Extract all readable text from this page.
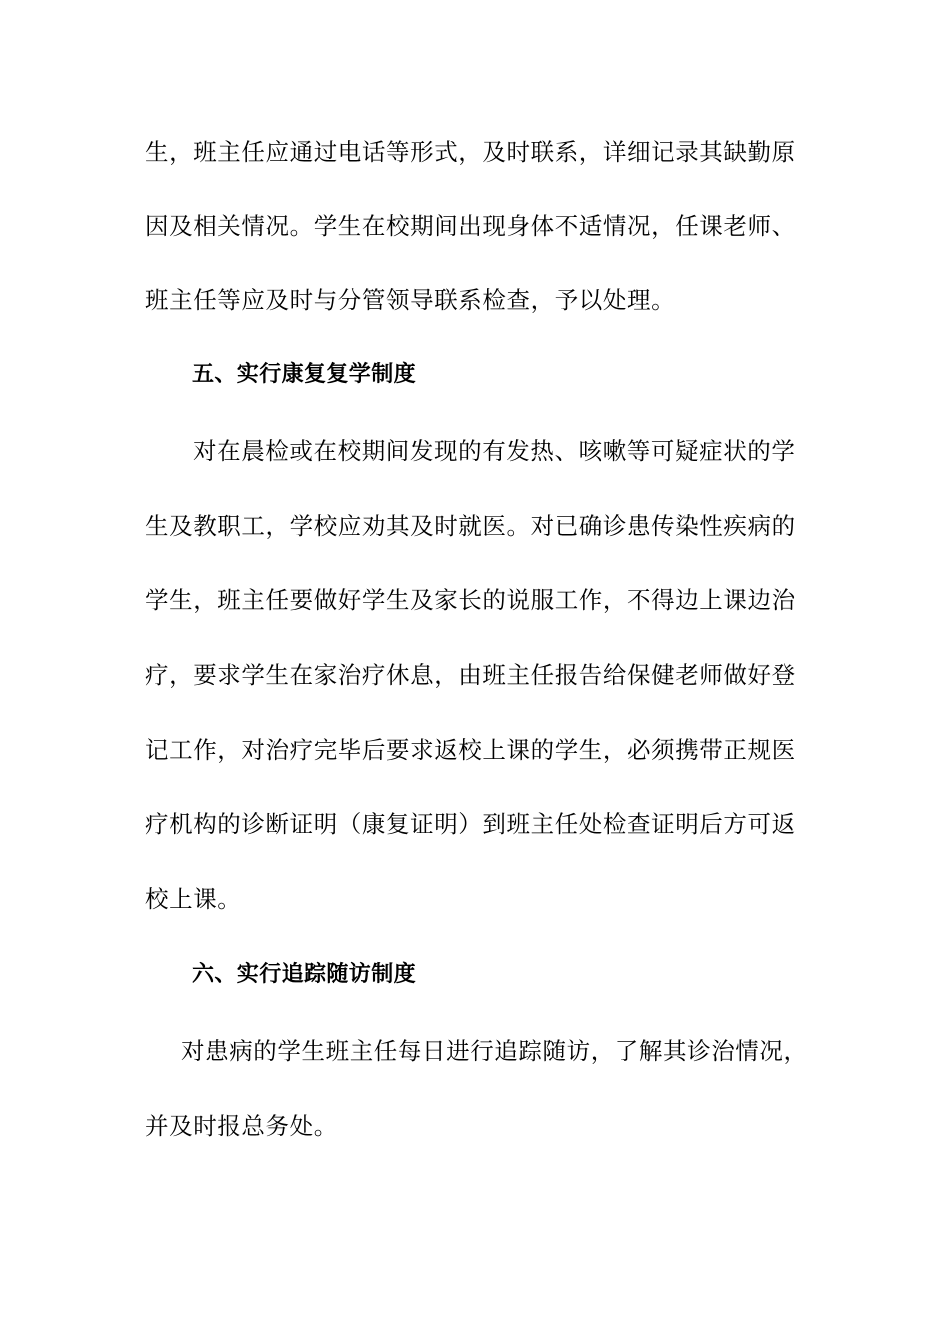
生，班主任应通过电话等形式，及时联系，详细记录其缺勤原
因及相关情况。学生在校期间出现身体不适情况，任课老师、
班主任等应及时与分管领导联系检查，予以处理。
五、实行康复复学制度
对在晨检或在校期间发现的有发热、咳嗽等可疑症状的学
生及教职工，学校应劝其及时就医。对已确诊患传染性疾病的
学生，班主任要做好学生及家长的说服工作，不得边上课边治
疗，要求学生在家治疗休息，由班主任报告给保健老师做好登
记工作，对治疗完毕后要求返校上课的学生，必须携带正规医
疗机构的诊断证明（康复证明）到班主任处检查证明后方可返
校上课。
六、实行追踪随访制度
对患病的学生班主任每日进行追踪随访，了解其诊治情况，
并及时报总务处。
